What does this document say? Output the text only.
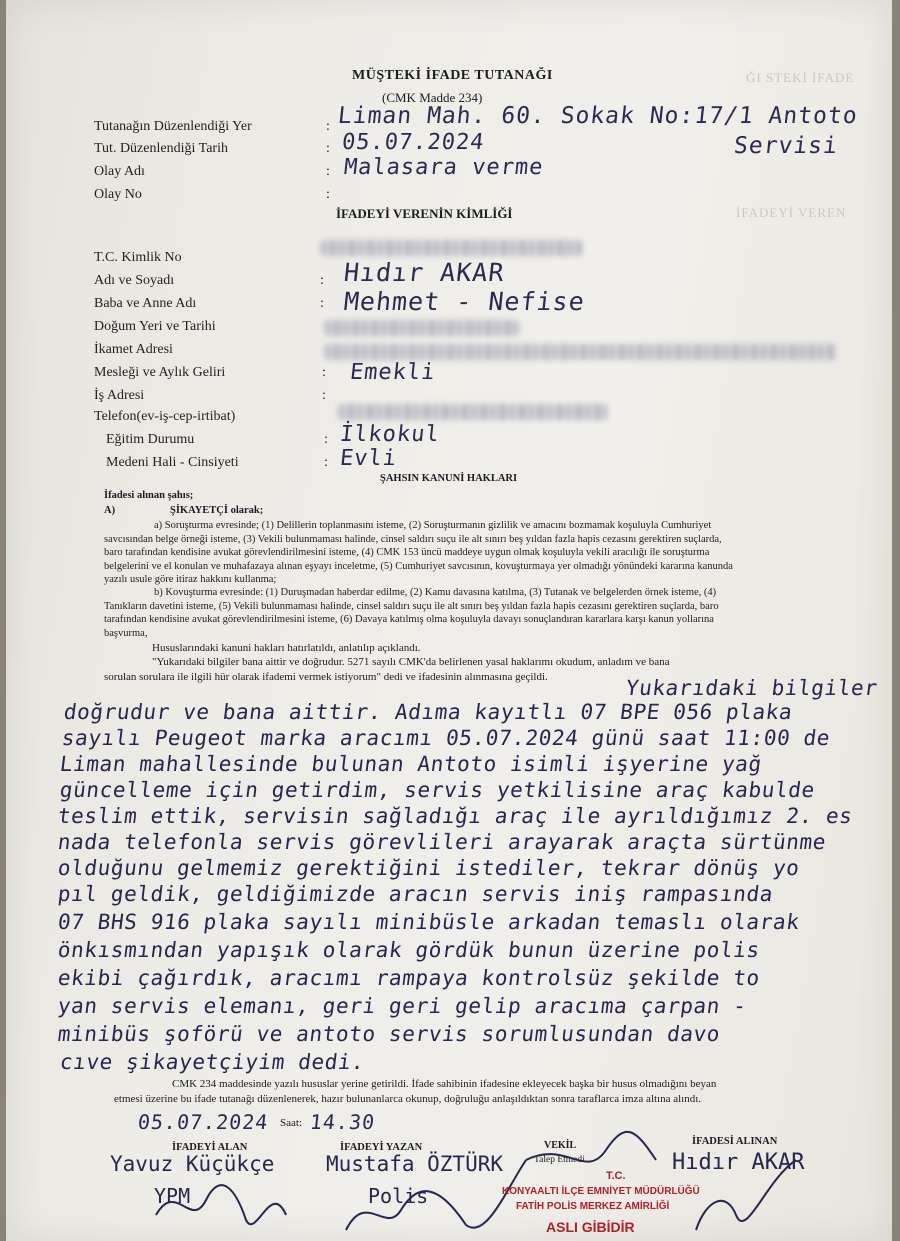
ĞI STEKİ İFADE
İFADEYİ VEREN
MÜŞTEKİ İFADE TUTANAĞI
(CMK Madde 234)
Tutanağın Düzenlendiği Yer	: Liman Mah. 60. Sokak No:17/1 Antoto
Servisi
Tut. Düzenlendiği Tarih	: 05.07.2024
Olay Adı	: Malasara verme
Olay No	:
İFADEYİ VERENİN KİMLİĞİ
T.C. Kimlik No
Adı ve Soyadı	: Hıdır AKAR
Baba ve Anne Adı	: Mehmet - Nefise
Doğum Yeri ve Tarihi
İkamet Adresi
Mesleği ve Aylık Geliri	: Emekli
İş Adresi	:
Telefon(ev-iş-cep-irtibat)
Eğitim Durumu	: İlkokul
Medeni Hali - Cinsiyeti	: Evli
ŞAHSIN KANUNİ HAKLARI
İfadesi alınan şahıs;
A)	ŞİKAYETÇİ olarak;
a) Soruşturma evresinde; (1) Delillerin toplanmasını isteme, (2) Soruşturmanın gizlilik ve amacını bozmamak koşuluyla Cumhuriyet
savcısından belge örneği isteme, (3) Vekili bulunmaması halinde, cinsel saldırı suçu ile alt sınırı beş yıldan fazla hapis cezasını gerektiren suçlarda,
baro tarafından kendisine avukat görevlendirilmesini isteme, (4) CMK 153 üncü maddeye uygun olmak koşuluyla vekili aracılığı ile soruşturma
belgelerini ve el konulan ve muhafazaya alınan eşyayı inceletme, (5) Cumhuriyet savcısının, kovuşturmaya yer olmadığı yönündeki kararına kanunda
yazılı usule göre itiraz hakkını kullanma;
b) Kovuşturma evresinde: (1) Duruşmadan haberdar edilme, (2) Kamu davasına katılma, (3) Tutanak ve belgelerden örnek isteme, (4)
Tanıkların davetini isteme, (5) Vekili bulunmaması halinde, cinsel saldırı suçu ile alt sınırı beş yıldan fazla hapis cezasını gerektiren suçlarda, baro
tarafından kendisine avukat görevlendirilmesini isteme, (6) Davaya katılmış olma koşuluyla davayı sonuçlandıran kararlara karşı kanun yollarına
başvurma,
Hususlarındaki kanuni hakları hatırlatıldı, anlatılıp açıklandı.
"Yukarıdaki bilgiler bana aittir ve doğrudur. 5271 sayılı CMK'da belirlenen yasal haklarımı okudum, anladım ve bana
sorulan sorulara ile ilgili hür olarak ifademi vermek istiyorum" dedi ve ifadesinin alınmasına geçildi.	Yukarıdaki bilgiler
doğrudur ve bana aittir. Adıma kayıtlı 07 BPE 056 plaka
sayılı Peugeot marka aracımı 05.07.2024 günü saat 11:00 de
Liman mahallesinde bulunan Antoto isimli işyerine yağ
güncelleme için getirdim, servis yetkilisine araç kabulde
teslim ettik, servisin sağladığı araç ile ayrıldığımız 2. es
nada telefonla servis görevlileri arayarak araçta sürtünme
olduğunu gelmemiz gerektiğini istediler, tekrar dönüş yo
pıl geldik, geldiğimizde aracın servis iniş rampasında
07 BHS 916 plaka sayılı minibüsle arkadan temaslı olarak
önkısmından yapışık olarak gördük bunun üzerine polis
ekibi çağırdık, aracımı rampaya kontrolsüz şekilde to
yan servis elemanı, geri geri gelip aracıma çarpan -
minibüs şoförü ve antoto servis sorumlusundan davo
cıve şikayetçiyim dedi.
CMK 234 maddesinde yazılı hususlar yerine getirildi. İfade sahibinin ifadesine ekleyecek başka bir husus olmadığını beyan
etmesi üzerine bu ifade tutanağı düzenlenerek, hazır bulunanlarca okunup, doğruluğu anlaşıldıktan sonra taraflarca imza altına alındı.
05.07.2024 Saat: 14.30
İFADEYİ ALAN	İFADEYİ YAZAN	VEKİL
Talep Etmedi
İFADESİ ALINAN
Yavuz Küçükçe
YPM
Mustafa ÖZTÜRK
Polis
Hıdır AKAR
T.C.
KONYAALTI İLÇE EMNİYET MÜDÜRLÜĞÜ
FATİH POLİS MERKEZ AMİRLİĞİ
ASLI GİBİDİR
